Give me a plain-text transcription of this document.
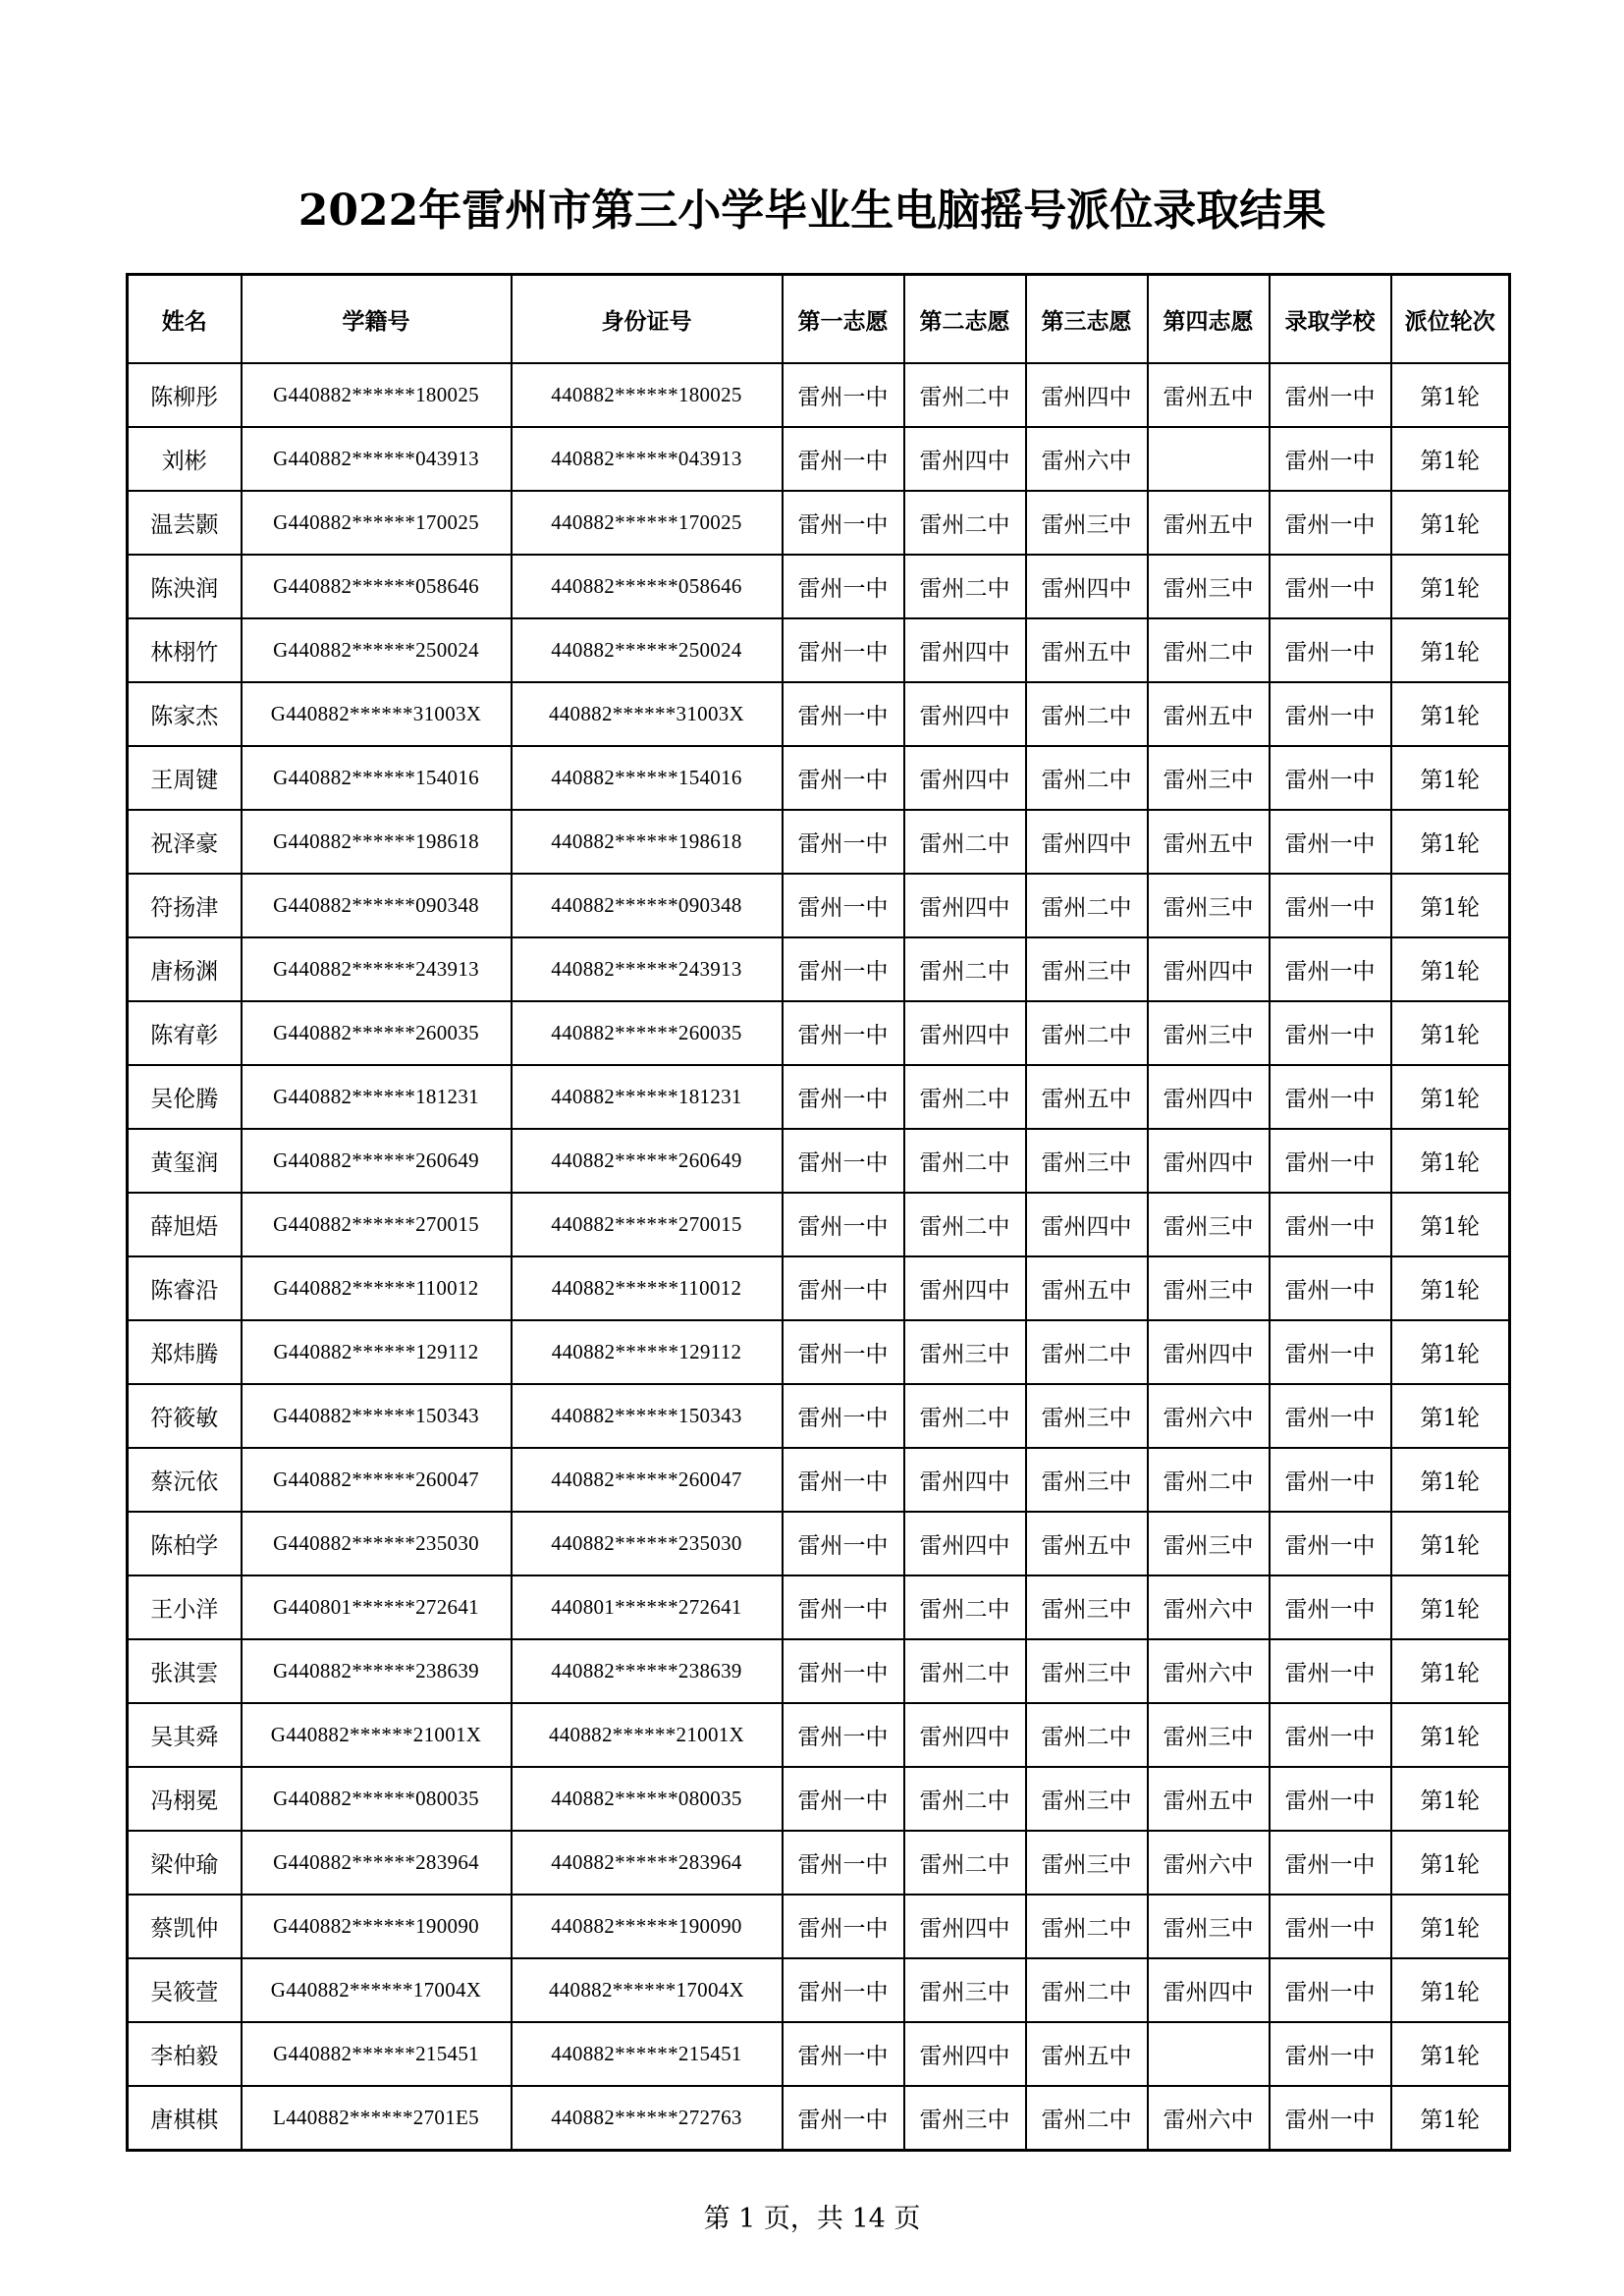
2022年雷州市第三小学毕业生电脑摇号派位录取结果
姓名	学籍号	身份证号	第一志愿	第二志愿	第三志愿	第四志愿	录取学校	派位轮次
陈柳彤	G440882******180025	440882******180025	雷州一中	雷州二中	雷州四中	雷州五中	雷州一中	第1轮
刘彬	G440882******043913	440882******043913	雷州一中	雷州四中	雷州六中		雷州一中	第1轮
温芸颢	G440882******170025	440882******170025	雷州一中	雷州二中	雷州三中	雷州五中	雷州一中	第1轮
陈泱润	G440882******058646	440882******058646	雷州一中	雷州二中	雷州四中	雷州三中	雷州一中	第1轮
林栩竹	G440882******250024	440882******250024	雷州一中	雷州四中	雷州五中	雷州二中	雷州一中	第1轮
陈家杰	G440882******31003X	440882******31003X	雷州一中	雷州四中	雷州二中	雷州五中	雷州一中	第1轮
王周键	G440882******154016	440882******154016	雷州一中	雷州四中	雷州二中	雷州三中	雷州一中	第1轮
祝泽豪	G440882******198618	440882******198618	雷州一中	雷州二中	雷州四中	雷州五中	雷州一中	第1轮
符扬津	G440882******090348	440882******090348	雷州一中	雷州四中	雷州二中	雷州三中	雷州一中	第1轮
唐杨渊	G440882******243913	440882******243913	雷州一中	雷州二中	雷州三中	雷州四中	雷州一中	第1轮
陈宥彰	G440882******260035	440882******260035	雷州一中	雷州四中	雷州二中	雷州三中	雷州一中	第1轮
吴伦腾	G440882******181231	440882******181231	雷州一中	雷州二中	雷州五中	雷州四中	雷州一中	第1轮
黄玺润	G440882******260649	440882******260649	雷州一中	雷州二中	雷州三中	雷州四中	雷州一中	第1轮
薛旭焐	G440882******270015	440882******270015	雷州一中	雷州二中	雷州四中	雷州三中	雷州一中	第1轮
陈睿沿	G440882******110012	440882******110012	雷州一中	雷州四中	雷州五中	雷州三中	雷州一中	第1轮
郑炜腾	G440882******129112	440882******129112	雷州一中	雷州三中	雷州二中	雷州四中	雷州一中	第1轮
符筱敏	G440882******150343	440882******150343	雷州一中	雷州二中	雷州三中	雷州六中	雷州一中	第1轮
蔡沅依	G440882******260047	440882******260047	雷州一中	雷州四中	雷州三中	雷州二中	雷州一中	第1轮
陈柏学	G440882******235030	440882******235030	雷州一中	雷州四中	雷州五中	雷州三中	雷州一中	第1轮
王小洋	G440801******272641	440801******272641	雷州一中	雷州二中	雷州三中	雷州六中	雷州一中	第1轮
张淇雲	G440882******238639	440882******238639	雷州一中	雷州二中	雷州三中	雷州六中	雷州一中	第1轮
吴其舜	G440882******21001X	440882******21001X	雷州一中	雷州四中	雷州二中	雷州三中	雷州一中	第1轮
冯栩冕	G440882******080035	440882******080035	雷州一中	雷州二中	雷州三中	雷州五中	雷州一中	第1轮
梁仲瑜	G440882******283964	440882******283964	雷州一中	雷州二中	雷州三中	雷州六中	雷州一中	第1轮
蔡凯仲	G440882******190090	440882******190090	雷州一中	雷州四中	雷州二中	雷州三中	雷州一中	第1轮
吴筱萱	G440882******17004X	440882******17004X	雷州一中	雷州三中	雷州二中	雷州四中	雷州一中	第1轮
李柏毅	G440882******215451	440882******215451	雷州一中	雷州四中	雷州五中		雷州一中	第1轮
唐棋棋	L440882******2701E5	440882******272763	雷州一中	雷州三中	雷州二中	雷州六中	雷州一中	第1轮
第 1 页，共 14 页
